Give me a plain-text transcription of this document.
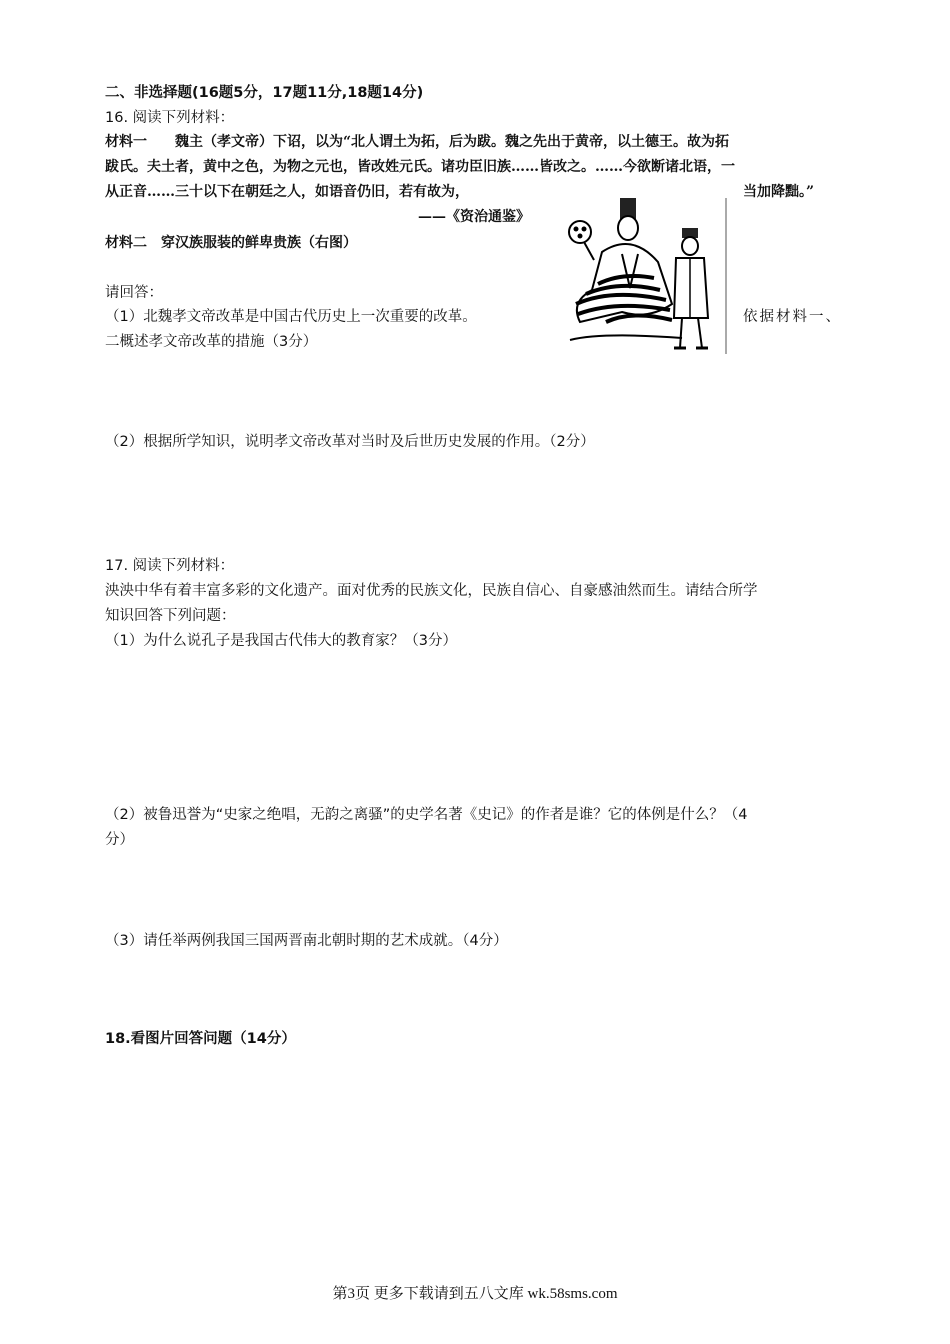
二、非选择题(16题5分，17题11分,18题14分)
16. 阅读下列材料：
材料一　　魏主（孝文帝）下诏，以为“北人谓土为拓，后为跋。魏之先出于黄帝，以土德王。故为拓
跋氏。夫土者，黄中之色，为物之元也，皆改姓元氏。诸功臣旧族……皆改之。……今欲断诸北语，一
从正音……三十以下在朝廷之人，如语音仍旧，若有故为，	当加降黜。”
——《资治通鉴》
材料二　穿汉族服装的鲜卑贵族（右图）
请回答：
（1）北魏孝文帝改革是中国古代历史上一次重要的改革。	依据材料一、
二概述孝文帝改革的措施（3分）
（2）根据所学知识，说明孝文帝改革对当时及后世历史发展的作用。（2分）
17. 阅读下列材料：
泱泱中华有着丰富多彩的文化遗产。面对优秀的民族文化，民族自信心、自豪感油然而生。请结合所学
知识回答下列问题：
（1）为什么说孔子是我国古代伟大的教育家？（3分）
（2）被鲁迅誉为“史家之绝唱，无韵之离骚”的史学名著《史记》的作者是谁？它的体例是什么？（4
分）
（3）请任举两例我国三国两晋南北朝时期的艺术成就。（4分）
18.看图片回答问题（14分）
第3页 更多下载请到五八文库 wk.58sms.com
